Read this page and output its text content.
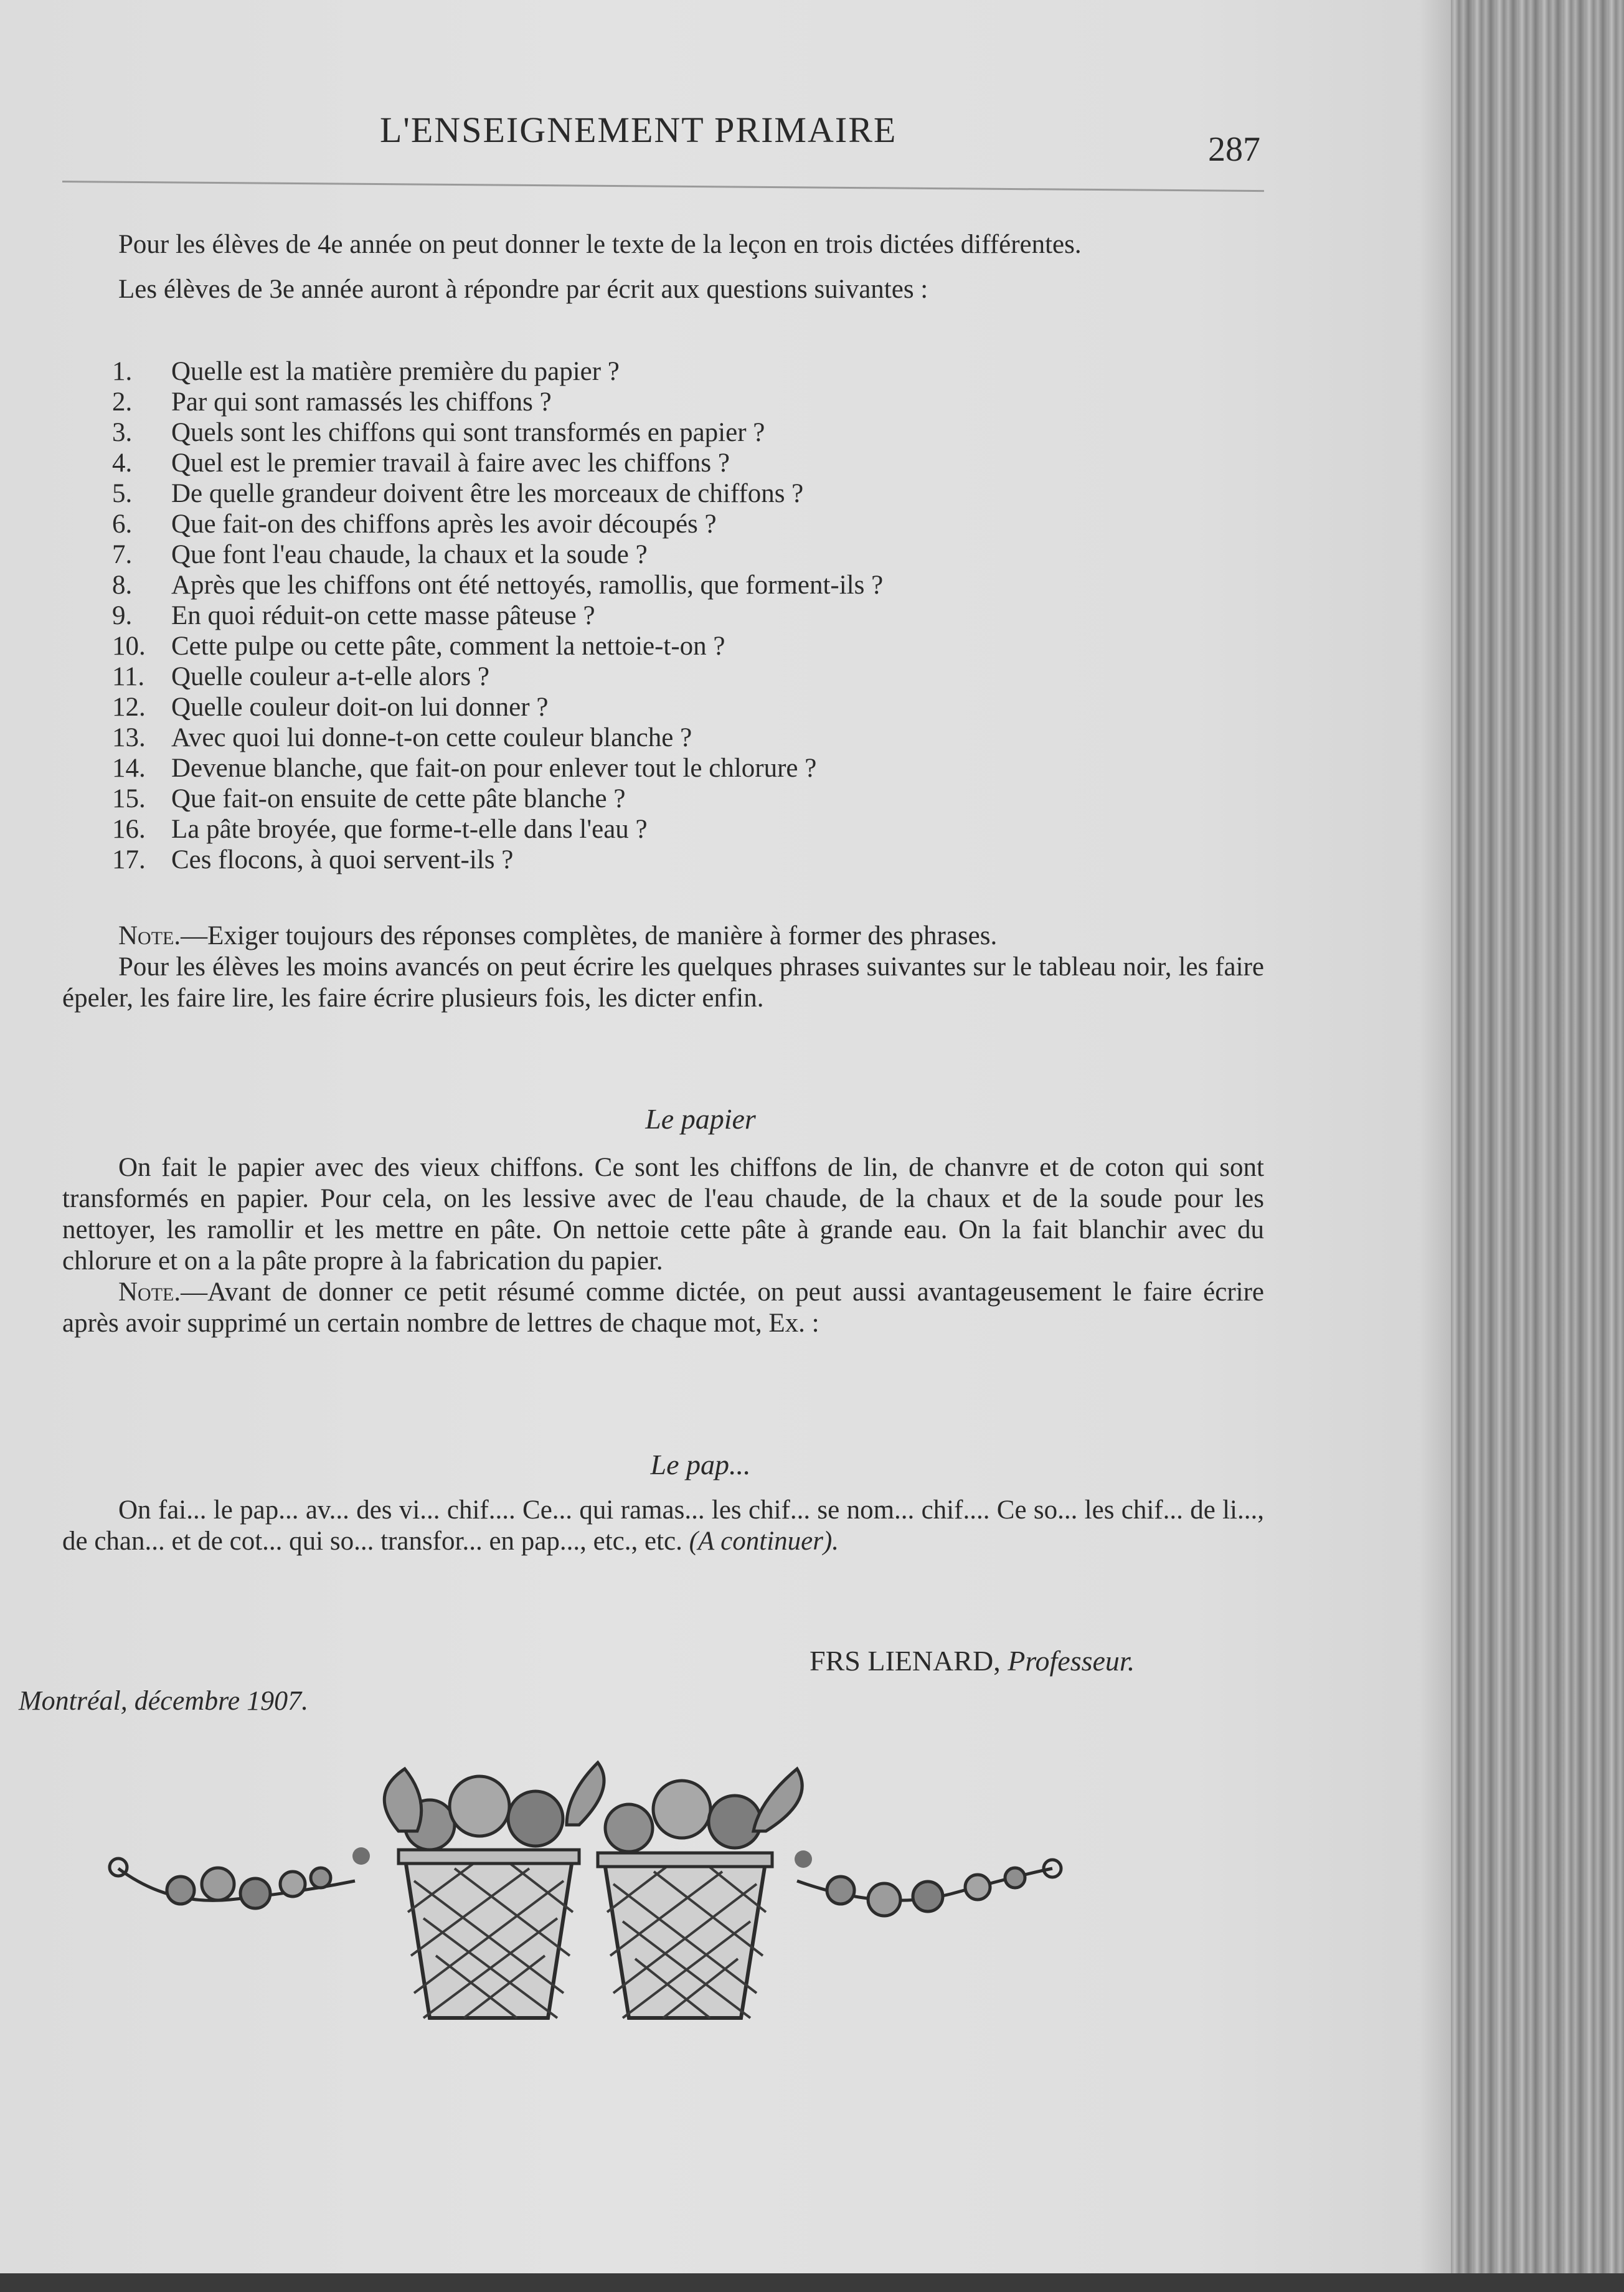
L'ENSEIGNEMENT PRIMAIRE	287

Pour les élèves de 4e année on peut donner le texte de la leçon en trois dictées différentes.

Les élèves de 3e année auront à répondre par écrit aux questions suivantes :

1.	Quelle est la matière première du papier ?
2.	Par qui sont ramassés les chiffons ?
3.	Quels sont les chiffons qui sont transformés en papier ?
4.	Quel est le premier travail à faire avec les chiffons ?
5.	De quelle grandeur doivent être les morceaux de chiffons ?
6.	Que fait-on des chiffons après les avoir découpés ?
7.	Que font l'eau chaude, la chaux et la soude ?
8.	Après que les chiffons ont été nettoyés, ramollis, que forment-ils ?
9.	En quoi réduit-on cette masse pâteuse ?
10. Cette pulpe ou cette pâte, comment la nettoie-t-on ?
11. Quelle couleur a-t-elle alors ?
12. Quelle couleur doit-on lui donner ?
13. Avec quoi lui donne-t-on cette couleur blanche ?
14. Devenue blanche, que fait-on pour enlever tout le chlorure ?
15. Que fait-on ensuite de cette pâte blanche ?
16. La pâte broyée, que forme-t-elle dans l'eau ?
17. Ces flocons, à quoi servent-ils ?

Note.—Exiger toujours des réponses complètes, de manière à former des phrases.

Pour les élèves les moins avancés on peut écrire les quelques phrases suivantes sur le tableau noir, les faire épeler, les faire lire, les faire écrire plusieurs fois, les dicter enfin.

Le papier

On fait le papier avec des vieux chiffons. Ce sont les chiffons de lin, de chanvre et de coton qui sont transformés en papier. Pour cela, on les lessive avec de l'eau chaude, de la chaux et de la soude pour les nettoyer, les ramollir et les mettre en pâte. On nettoie cette pâte à grande eau. On la fait blanchir avec du chlorure et on a la pâte propre à la fabrication du papier.

Note.—Avant de donner ce petit résumé comme dictée, on peut aussi avantageusement le faire écrire après avoir supprimé un certain nombre de lettres de chaque mot, Ex. :

Le pap...

On fai... le pap... av... des vi... chif.... Ce... qui ramas... les chif... se nom... chif.... Ce so... les chif... de li..., de chan... et de cot... qui so... transfor... en pap..., etc., etc. (A continuer).

FRS LIENARD, Professeur.
Montréal, décembre 1907.
